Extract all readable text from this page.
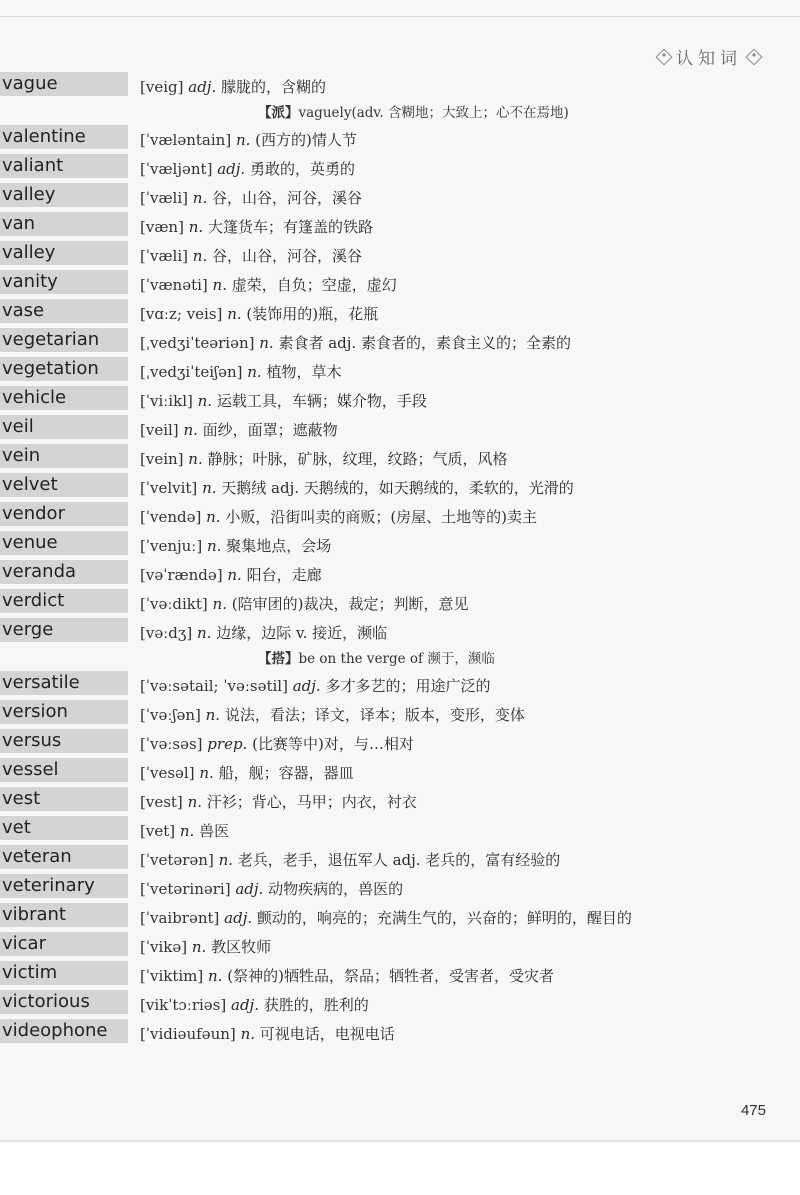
认知词
vague	[veig] adj. 朦胧的，含糊的
【派】vaguely(adv. 含糊地；大致上；心不在焉地)
valentine	[ˈvæləntain] n. (西方的)情人节
valiant	[ˈvæljənt] adj. 勇敢的，英勇的
valley	[ˈvæli] n. 谷，山谷，河谷，溪谷
van	[væn] n. 大篷货车；有篷盖的铁路
valley	[ˈvæli] n. 谷，山谷，河谷，溪谷
vanity	[ˈvænəti] n. 虚荣，自负；空虚，虚幻
vase	[vɑːz; veis] n. (装饰用的)瓶，花瓶
vegetarian	[ˌvedʒiˈteəriən] n. 素食者 adj. 素食者的，素食主义的；全素的
vegetation	[ˌvedʒiˈteiʃən] n. 植物，草木
vehicle	[ˈviːikl] n. 运载工具，车辆；媒介物，手段
veil	[veil] n. 面纱，面罩；遮蔽物
vein	[vein] n. 静脉；叶脉，矿脉，纹理，纹路；气质，风格
velvet	[ˈvelvit] n. 天鹅绒 adj. 天鹅绒的，如天鹅绒的，柔软的，光滑的
vendor	[ˈvendə] n. 小贩，沿街叫卖的商贩；(房屋、土地等的)卖主
venue	[ˈvenjuː] n. 聚集地点，会场
veranda	[vəˈrændə] n. 阳台，走廊
verdict	[ˈvəːdikt] n. (陪审团的)裁决，裁定；判断，意见
verge	[vəːdʒ] n. 边缘，边际 v. 接近，濒临
【搭】be on the verge of 濒于，濒临
versatile	[ˈvəːsətail; ˈvəːsətil] adj. 多才多艺的；用途广泛的
version	[ˈvəːʃən] n. 说法，看法；译文，译本；版本，变形，变体
versus	[ˈvəːsəs] prep. (比赛等中)对，与…相对
vessel	[ˈvesəl] n. 船，舰；容器，器皿
vest	[vest] n. 汗衫；背心，马甲；内衣，衬衣
vet	[vet] n. 兽医
veteran	[ˈvetərən] n. 老兵，老手，退伍军人 adj. 老兵的，富有经验的
veterinary	[ˈvetərinəri] adj. 动物疾病的，兽医的
vibrant	[ˈvaibrənt] adj. 颤动的，响亮的；充满生气的，兴奋的；鲜明的，醒目的
vicar	[ˈvikə] n. 教区牧师
victim	[ˈviktim] n. (祭神的)牺牲品，祭品；牺牲者，受害者，受灾者
victorious	[vikˈtɔːriəs] adj. 获胜的，胜利的
videophone	[ˈvidiəufəun] n. 可视电话，电视电话
475
